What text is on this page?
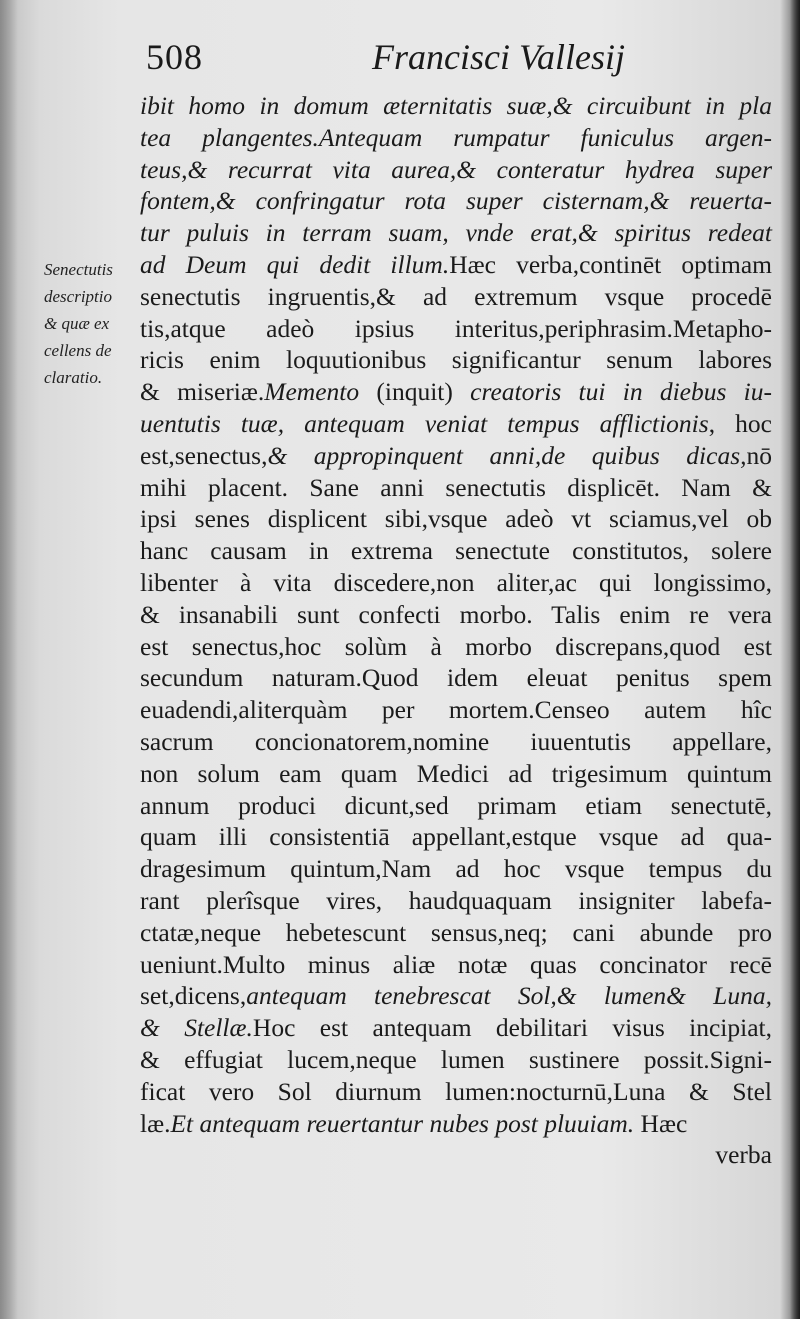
508	Francisci Vallesij
Senectutis
descriptio
& quæ ex
cellens de
claratio.
ibit homo in domum æternitatis suæ,& circuibunt in pla
tea plangentes.Antequam rumpatur funiculus argen-
teus,& recurrat vita aurea,& conteratur hydrea super
fontem,& confringatur rota super cisternam,& reuerta-
tur puluis in terram suam, vnde erat,& spiritus redeat
ad Deum qui dedit illum.Hæc verba,continēt optimam
senectutis ingruentis,& ad extremum vsque procedē
tis,atque adeò ipsius interitus,periphrasim.Metapho-
ricis enim loquutionibus significantur senum labores
& miseriæ.Memento (inquit) creatoris tui in diebus iu-
uentutis tuæ, antequam veniat tempus afflictionis, hoc
est,senectus,& appropinquent anni,de quibus dicas,nō
mihi placent. Sane anni senectutis displicēt. Nam &
ipsi senes displicent sibi,vsque adeò vt sciamus,vel ob
hanc causam in extrema senectute constitutos, solere
libenter à vita discedere,non aliter,ac qui longissimo,
& insanabili sunt confecti morbo. Talis enim re vera
est senectus,hoc solùm à morbo discrepans,quod est
secundum naturam.Quod idem eleuat penitus spem
euadendi,aliterquàm per mortem.Censeo autem hîc
sacrum concionatorem,nomine iuuentutis appellare,
non solum eam quam Medici ad trigesimum quintum
annum produci dicunt,sed primam etiam senectutē,
quam illi consistentiā appellant,estque vsque ad qua-
dragesimum quintum,Nam ad hoc vsque tempus du
rant plerîsque vires, haudquaquam insigniter labefa-
ctatæ,neque hebetescunt sensus,neq; cani abunde pro
ueniunt.Multo minus aliæ notæ quas concinator recē
set,dicens,antequam tenebrescat Sol,& lumen& Luna,
& Stellæ.Hoc est antequam debilitari visus incipiat,
& effugiat lucem,neque lumen sustinere possit.Signi-
ficat vero Sol diurnum lumen:nocturnū,Luna & Stel
læ.Et antequam reuertantur nubes post pluuiam. Hæc
verba
